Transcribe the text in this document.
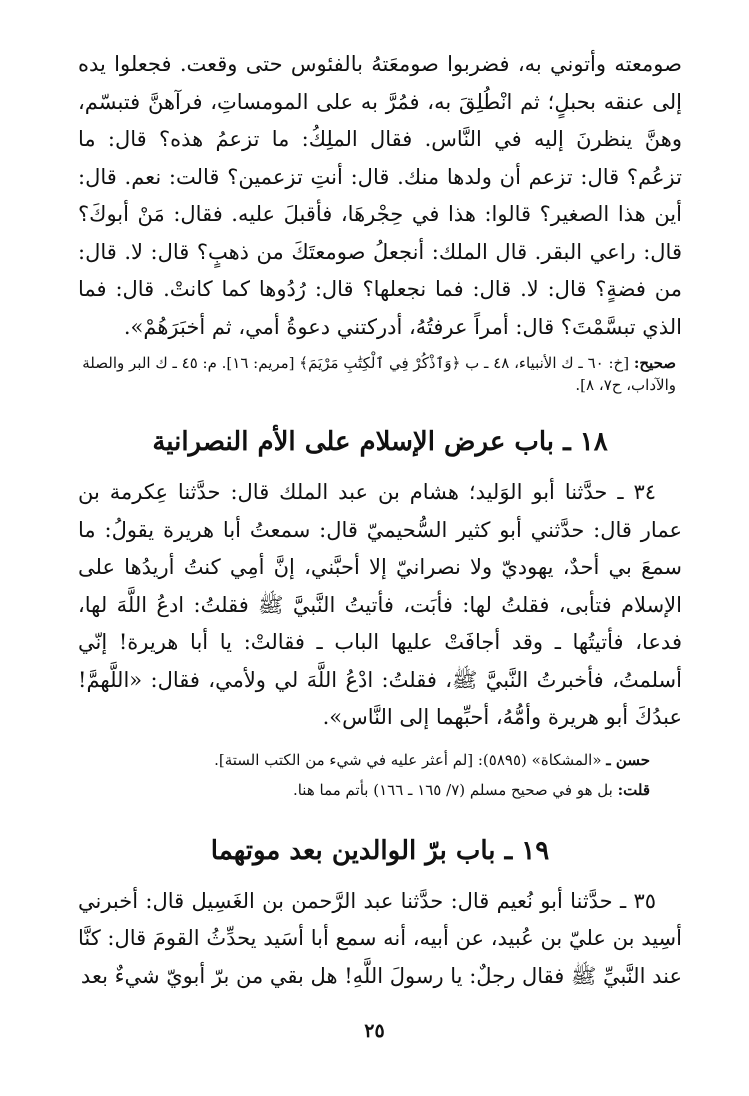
صومعته وأتوني به، فضربوا صومعَتهُ بالفئوس حتى وقعت. فجعلوا يده إلى عنقه بحبلٍ؛ ثم انْطُلِقَ به، فمُرَّ به على المومساتِ، فرآهنَّ فتبسّم، وهنَّ ينظرنَ إليه في النَّاس. فقال الملِكُ: ما تزعمُ هذه؟ قال: ما تزعُم؟ قال: تزعم أن ولدها منك. قال: أنتِ تزعمين؟ قالت: نعم. قال: أين هذا الصغير؟ قالوا: هذا في حِجْرهَا، فأقبلَ عليه. فقال: مَنْ أبوكَ؟ قال: راعي البقر. قال الملك: أنجعلُ صومعتَكَ من ذهبٍ؟ قال: لا. قال: من فضةٍ؟ قال: لا. قال: فما نجعلها؟ قال: رُدُوها كما كانتْ. قال: فما الذي تبسَّمْتَ؟ قال: أمراً عرفتُهُ، أدركتني دعوةُ أمي، ثم أخبَرَهُمْ».

صحيح: [خ: ٦٠ ـ ك الأنبياء، ٤٨ ـ ب ﴿وَٱذْكُرْ فِي ٱلْكِتَٰبِ مَرْيَمَ﴾ [مريم: ١٦]. م: ٤٥ ـ ك البر والصلة والآداب، ح٧، ٨].

١٨ ـ باب عرض الإسلام على الأم النصرانية

٣٤ ـ حدَّثنا أبو الوَليد؛ هشام بن عبد الملك قال: حدَّثنا عِكرمة بن عمار قال: حدَّثني أبو كثير السُّحيميّ قال: سمعتُ أبا هريرة يقولُ: ما سمعَ بي أحدٌ، يهوديّ ولا نصرانيّ إلا أحبَّني، إنَّ أمِي كنتُ أريدُها على الإسلام فتأبى، فقلتُ لها: فأبَت، فأتيتُ النَّبيَّ ﷺ فقلتُ: ادعُ اللَّهَ لها، فدعا، فأتيتُها ـ وقد أجافَتْ عليها الباب ـ فقالتْ: يا أبا هريرة! إنّي أسلمتُ، فأخبرتُ النَّبيَّ ﷺ، فقلتُ: ادْعُ اللَّهَ لي ولأمي، فقال: «اللَّهمَّ! عبدُكَ أبو هريرة وأمُّهُ، أحبِّهما إلى النَّاس».

حسن ـ «المشكاة» (٥٨٩٥): [لم أعثر عليه في شيء من الكتب الستة].

قلت: بل هو في صحيح مسلم (٧/ ١٦٥ ـ ١٦٦) بأتم مما هنا.

١٩ ـ باب برّ الوالدين بعد موتهما

٣٥ ـ حدَّثنا أبو نُعيم قال: حدَّثنا عبد الرَّحمن بن الغَسِيل قال: أخبرني أسِيد بن عليّ بن عُبيد، عن أبيه، أنه سمع أبا أسَيد يحدِّثُ القومَ قال: كنَّا عند النَّبيِّ ﷺ فقال رجلٌ: يا رسولَ اللَّهِ! هل بقي من برّ أبويّ شيءٌ بعد

٢٥
